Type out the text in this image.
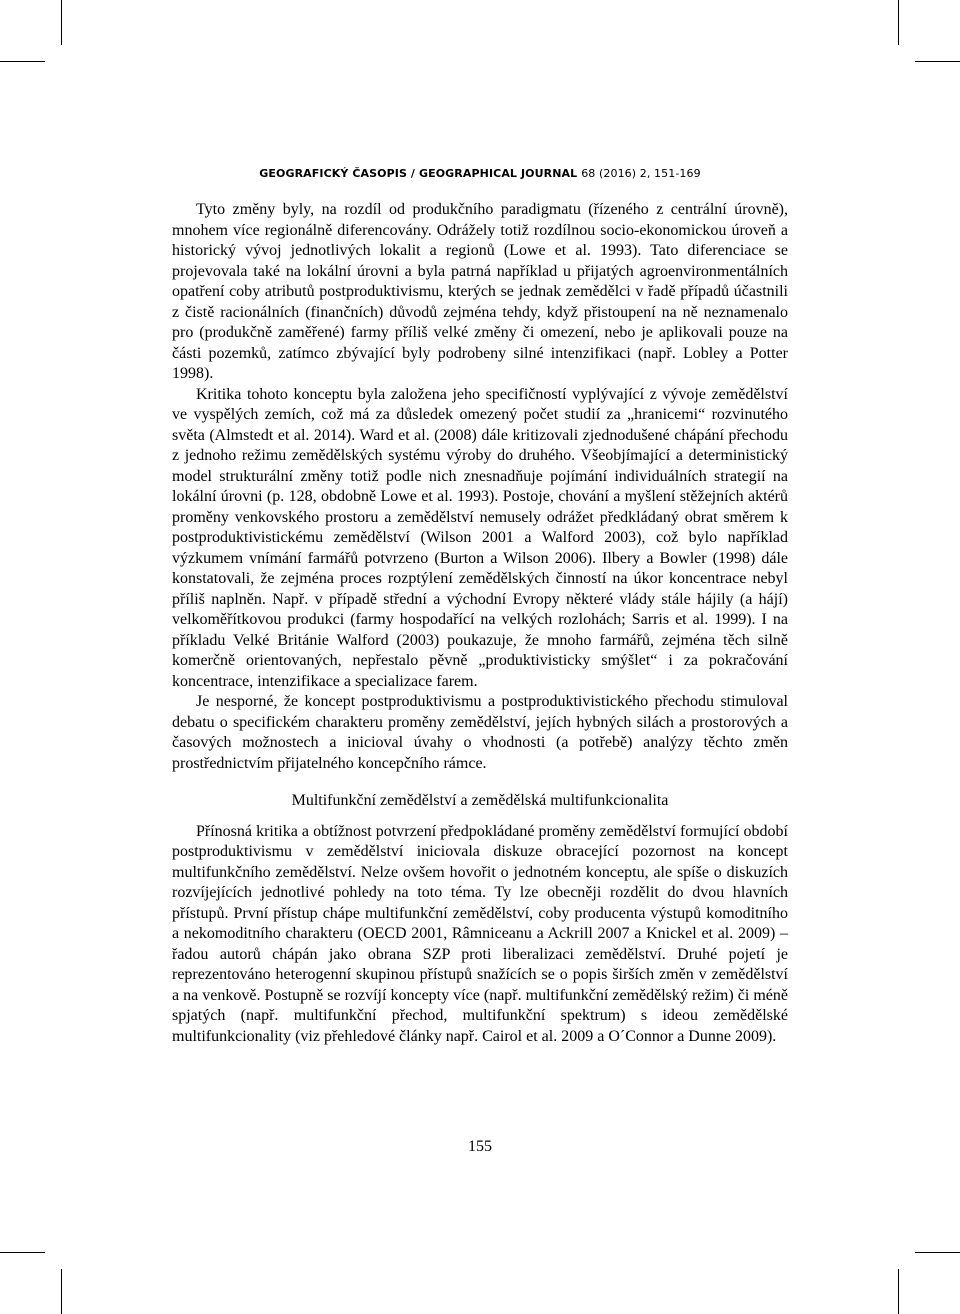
GEOGRAFICKÝ ČASOPIS / GEOGRAPHICAL JOURNAL 68 (2016) 2, 151-169

Tyto změny byly, na rozdíl od produkčního paradigmatu (řízeného z centrální úrovně), mnohem více regionálně diferencovány. Odrážely totiž rozdílnou socio-ekonomickou úroveň a historický vývoj jednotlivých lokalit a regionů (Lowe et al. 1993). Tato diferenciace se projevovala také na lokální úrovni a byla patrná například u přijatých agroenvironmentálních opatření coby atributů postproduktivismu, kterých se jednak zemědělci v řadě případů účastnili z čistě racionálních (finančních) důvodů zejména tehdy, když přistoupení na ně neznamenalo pro (produkčně zaměřené) farmy příliš velké změny či omezení, nebo je aplikovali pouze na části pozemků, zatímco zbývající byly podrobeny silné intenzifikaci (např. Lobley a Potter 1998).

Kritika tohoto konceptu byla založena jeho specifičností vyplývající z vývoje zemědělství ve vyspělých zemích, což má za důsledek omezený počet studií za „hranicemi“ rozvinutého světa (Almstedt et al. 2014). Ward et al. (2008) dále kritizovali zjednodušené chápání přechodu z jednoho režimu zemědělských systému výroby do druhého. Všeobjímající a deterministický model strukturální změny totiž podle nich znesnadňuje pojímání individuálních strategií na lokální úrovni (p. 128, obdobně Lowe et al. 1993). Postoje, chování a myšlení stěžejních aktérů proměny venkovského prostoru a zemědělství nemusely odrážet předkládaný obrat směrem k postproduktivistickému zemědělství (Wilson 2001 a Walford 2003), což bylo například výzkumem vnímání farmářů potvrzeno (Burton a Wilson 2006). Ilbery a Bowler (1998) dále konstatovali, že zejména proces rozptýlení zemědělských činností na úkor koncentrace nebyl příliš naplněn. Např. v případě střední a východní Evropy některé vlády stále hájily (a hájí) velkoměřítkovou produkci (farmy hospodařící na velkých rozlohách; Sarris et al. 1999). I na příkladu Velké Británie Walford (2003) poukazuje, že mnoho farmářů, zejména těch silně komerčně orientovaných, nepřestalo pěvně „produktivisticky smýšlet“ i za pokračování koncentrace, intenzifikace a specializace farem.

Je nesporné, že koncept postproduktivismu a postproduktivistického přechodu stimuloval debatu o specifickém charakteru proměny zemědělství, jejích hybných silách a prostorových a časových možnostech a inicioval úvahy o vhodnosti (a potřebě) analýzy těchto změn prostřednictvím přijatelného koncepčního rámce.

Multifunkční zemědělství a zemědělská multifunkcionalita

Přínosná kritika a obtížnost potvrzení předpokládané proměny zemědělství formující období postproduktivismu v zemědělství iniciovala diskuze obracející pozornost na koncept multifunkčního zemědělství. Nelze ovšem hovořit o jednotném konceptu, ale spíše o diskuzích rozvíjejících jednotlivé pohledy na toto téma. Ty lze obecněji rozdělit do dvou hlavních přístupů. První přístup chápe multifunkční zemědělství, coby producenta výstupů komoditního a nekomoditního charakteru (OECD 2001, Râmniceanu a Ackrill 2007 a Knickel et al. 2009) – řadou autorů chápán jako obrana SZP proti liberalizaci zemědělství. Druhé pojetí je reprezentováno heterogenní skupinou přístupů snažících se o popis širších změn v zemědělství a na venkově. Postupně se rozvíjí koncepty více (např. multifunkční zemědělský režim) či méně spjatých (např. multifunkční přechod, multifunkční spektrum) s ideou zemědělské multifunkcionality (viz přehledové články např. Cairol et al. 2009 a O´Connor a Dunne 2009).

155
